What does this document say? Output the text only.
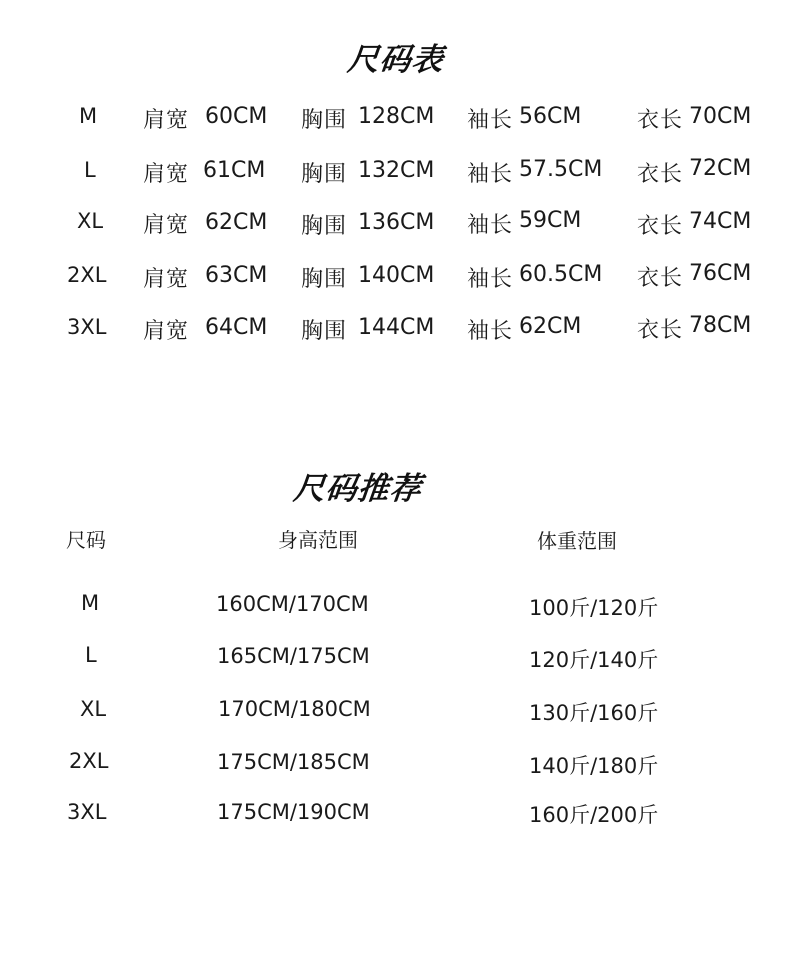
尺码表
M 肩宽 60CM 胸围 128CM 袖长 56CM	衣长 70CM
L 肩宽 61CM 胸围 132CM 袖长 57.5CM 衣长 72CM
XL 肩宽 62CM 胸围 136CM 袖长 59CM	衣长 74CM
2XL 肩宽 63CM 胸围 140CM 袖长 60.5CM 衣长 76CM
3XL 肩宽 64CM 胸围 144CM 袖长 62CM	衣长 78CM
尺码推荐
尺码	身高范围	体重范围
M	160CM/170CM	100斤/120斤
L	165CM/175CM	120斤/140斤
XL	170CM/180CM	130斤/160斤
2XL	175CM/185CM	140斤/180斤
3XL	175CM/190CM	160斤/200斤
